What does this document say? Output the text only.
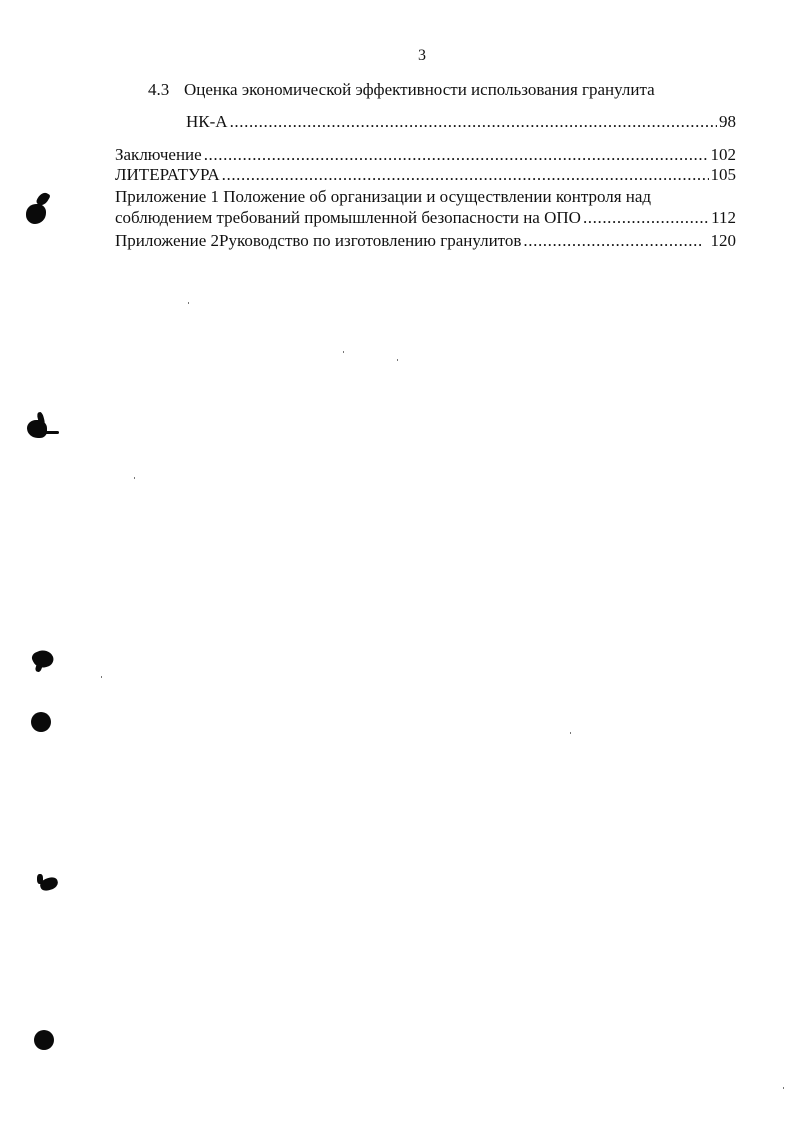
3
4.3 Оценка экономической эффективности использования гранулита
НК-А .....	98
Заключение .....	102
ЛИТЕРАТУРА .....	105
Приложение 1 Положение об организации и осуществлении контроля над
соблюдением требований промышленной безопасности на ОПО .....	112
Приложение 2Руководство по изготовлению гранулитов .....	120
